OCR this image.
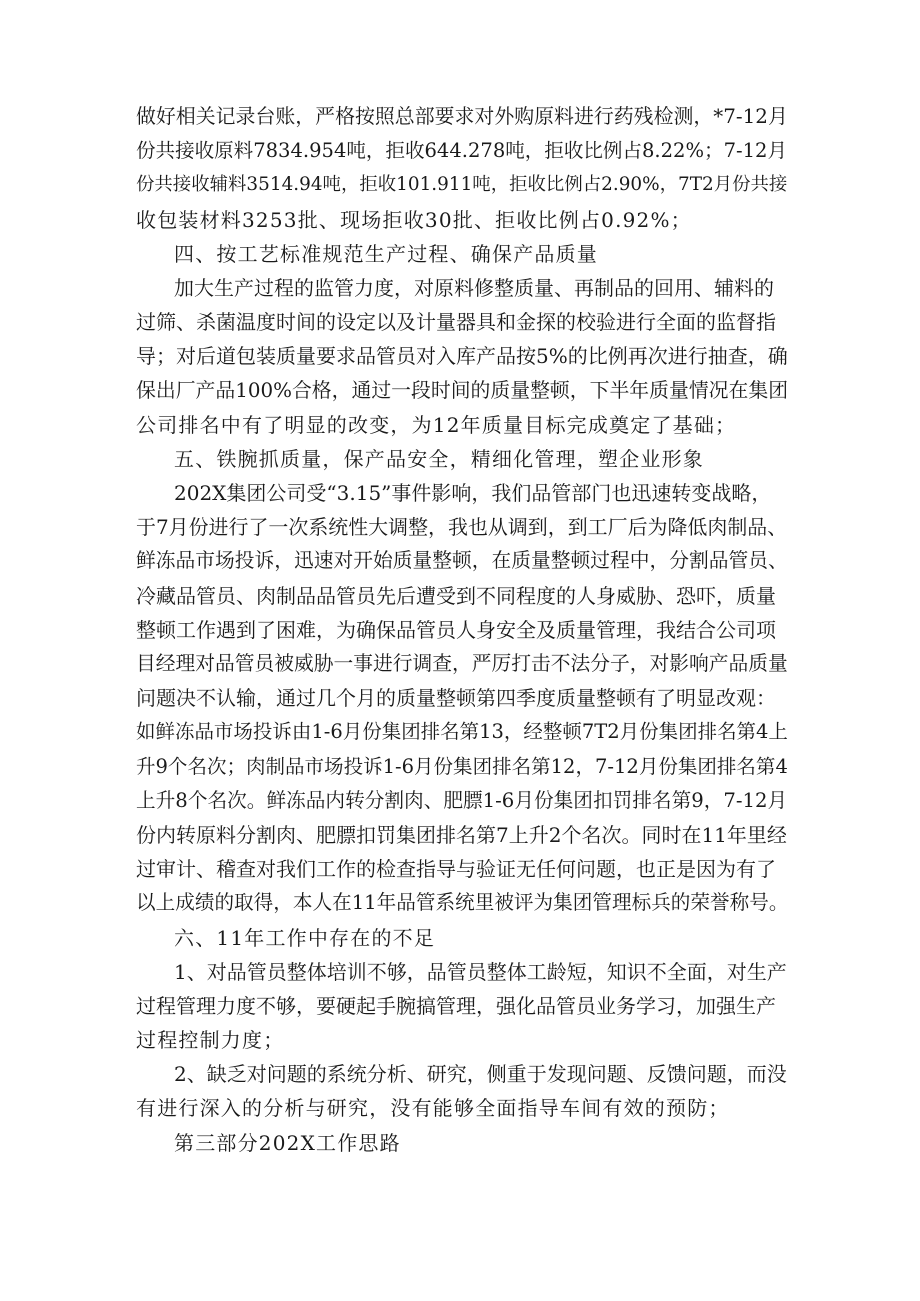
做好相关记录台账，严格按照总部要求对外购原料进行药残检测，*7-12月
份共接收原料7834.954吨，拒收644.278吨，拒收比例占8.22%；7-12月
份共接收辅料3514.94吨，拒收101.911吨，拒收比例占2.90%，7T2月份共接
收包装材料3253批、现场拒收30批、拒收比例占0.92%；
四、按工艺标准规范生产过程、确保产品质量
加大生产过程的监管力度，对原料修整质量、再制品的回用、辅料的
过筛、杀菌温度时间的设定以及计量器具和金探的校验进行全面的监督指
导；对后道包装质量要求品管员对入库产品按5%的比例再次进行抽查，确
保出厂产品100%合格，通过一段时间的质量整顿，下半年质量情况在集团
公司排名中有了明显的改变，为12年质量目标完成奠定了基础；
五、铁腕抓质量，保产品安全，精细化管理，塑企业形象
202X集团公司受“3.15”事件影响，我们品管部门也迅速转变战略，
于7月份进行了一次系统性大调整，我也从调到，到工厂后为降低肉制品、
鲜冻品市场投诉，迅速对开始质量整顿，在质量整顿过程中，分割品管员、
冷藏品管员、肉制品品管员先后遭受到不同程度的人身威胁、恐吓，质量
整顿工作遇到了困难，为确保品管员人身安全及质量管理，我结合公司项
目经理对品管员被威胁一事进行调查，严厉打击不法分子，对影响产品质量
问题决不认输，通过几个月的质量整顿第四季度质量整顿有了明显改观：
如鲜冻品市场投诉由1-6月份集团排名第13，经整顿7T2月份集团排名第4上
升9个名次；肉制品市场投诉1-6月份集团排名第12，7-12月份集团排名第4
上升8个名次。鲜冻品内转分割肉、肥膘1-6月份集团扣罚排名第9，7-12月
份内转原料分割肉、肥膘扣罚集团排名第7上升2个名次。同时在11年里经
过审计、稽查对我们工作的检查指导与验证无任何问题，也正是因为有了
以上成绩的取得，本人在11年品管系统里被评为集团管理标兵的荣誉称号。
六、11年工作中存在的不足
1、对品管员整体培训不够，品管员整体工龄短，知识不全面，对生产
过程管理力度不够，要硬起手腕搞管理，强化品管员业务学习，加强生产
过程控制力度；
2、缺乏对问题的系统分析、研究，侧重于发现问题、反馈问题，而没
有进行深入的分析与研究，没有能够全面指导车间有效的预防；
第三部分202X工作思路
